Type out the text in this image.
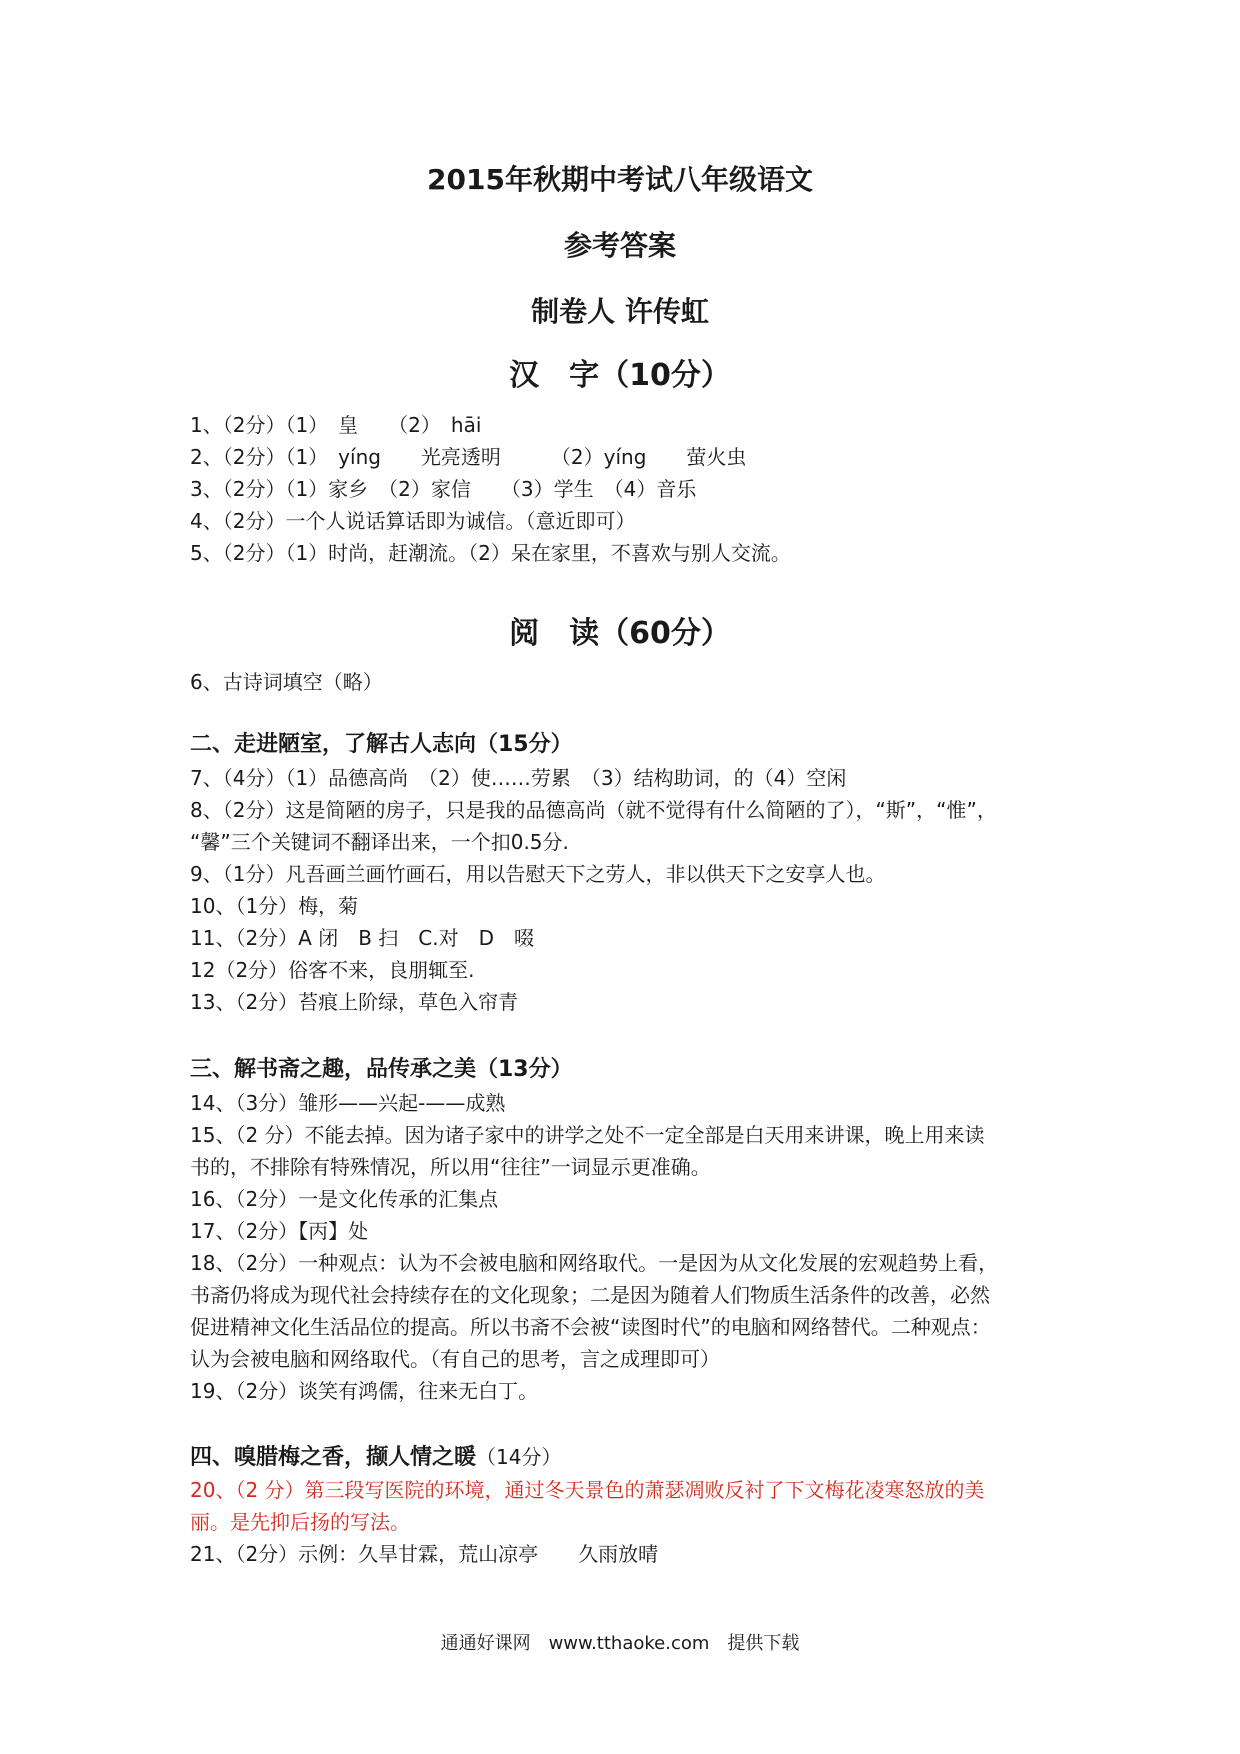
2015年秋期中考试八年级语文
参考答案
制卷人 许传虹
汉　字（10分）
1、（2分）（1）　皇　　（2）　hāi
2、（2分）（1）　yíng　　光亮透明　　　（2）yíng　　萤火虫
3、（2分）（1）家乡　（2）家信　　（3）学生　（4）音乐
4、（2分）一个人说话算话即为诚信。（意近即可）
5、（2分）（1）时尚，赶潮流。（2）呆在家里，不喜欢与别人交流。
阅　读（60分）
6、古诗词填空（略）
二、走进陋室，了解古人志向（15分）
7、（4分）（1）品德高尚　（2）使……劳累　（3）结构助词，的（4）空闲
8、（2分）这是简陋的房子，只是我的品德高尚（就不觉得有什么简陋的了），“斯”，“惟”，
“馨”三个关键词不翻译出来，一个扣0.5分.
9、（1分）凡吾画兰画竹画石，用以告慰天下之劳人，非以供天下之安享人也。
10、（1分）梅，菊
11、（2分）A 闭　B 扫　C.对　D　啜
12（2分）俗客不来，良朋辄至.
13、（2分）苔痕上阶绿，草色入帘青
三、解书斋之趣，品传承之美（13分）
14、（3分）雏形——兴起-——成熟
15、（2 分）不能去掉。因为诸子家中的讲学之处不一定全部是白天用来讲课，晚上用来读
书的，不排除有特殊情况，所以用“往往”一词显示更准确。
16、（2分）一是文化传承的汇集点
17、（2分）【丙】处
18、（2分）一种观点：认为不会被电脑和网络取代。一是因为从文化发展的宏观趋势上看，
书斋仍将成为现代社会持续存在的文化现象；二是因为随着人们物质生活条件的改善，必然
促进精神文化生活品位的提高。所以书斋不会被“读图时代”的电脑和网络替代。二种观点：
认为会被电脑和网络取代。（有自己的思考，言之成理即可）
19、（2分）谈笑有鸿儒，往来无白丁。
四、嗅腊梅之香，撷人情之暖（14分）
20、（2 分）第三段写医院的环境，通过冬天景色的萧瑟凋败反衬了下文梅花凌寒怒放的美
丽。是先抑后扬的写法。
21、（2分）示例：久旱甘霖，荒山凉亭　　久雨放晴
通通好课网　www.tthaoke.com　提供下载
